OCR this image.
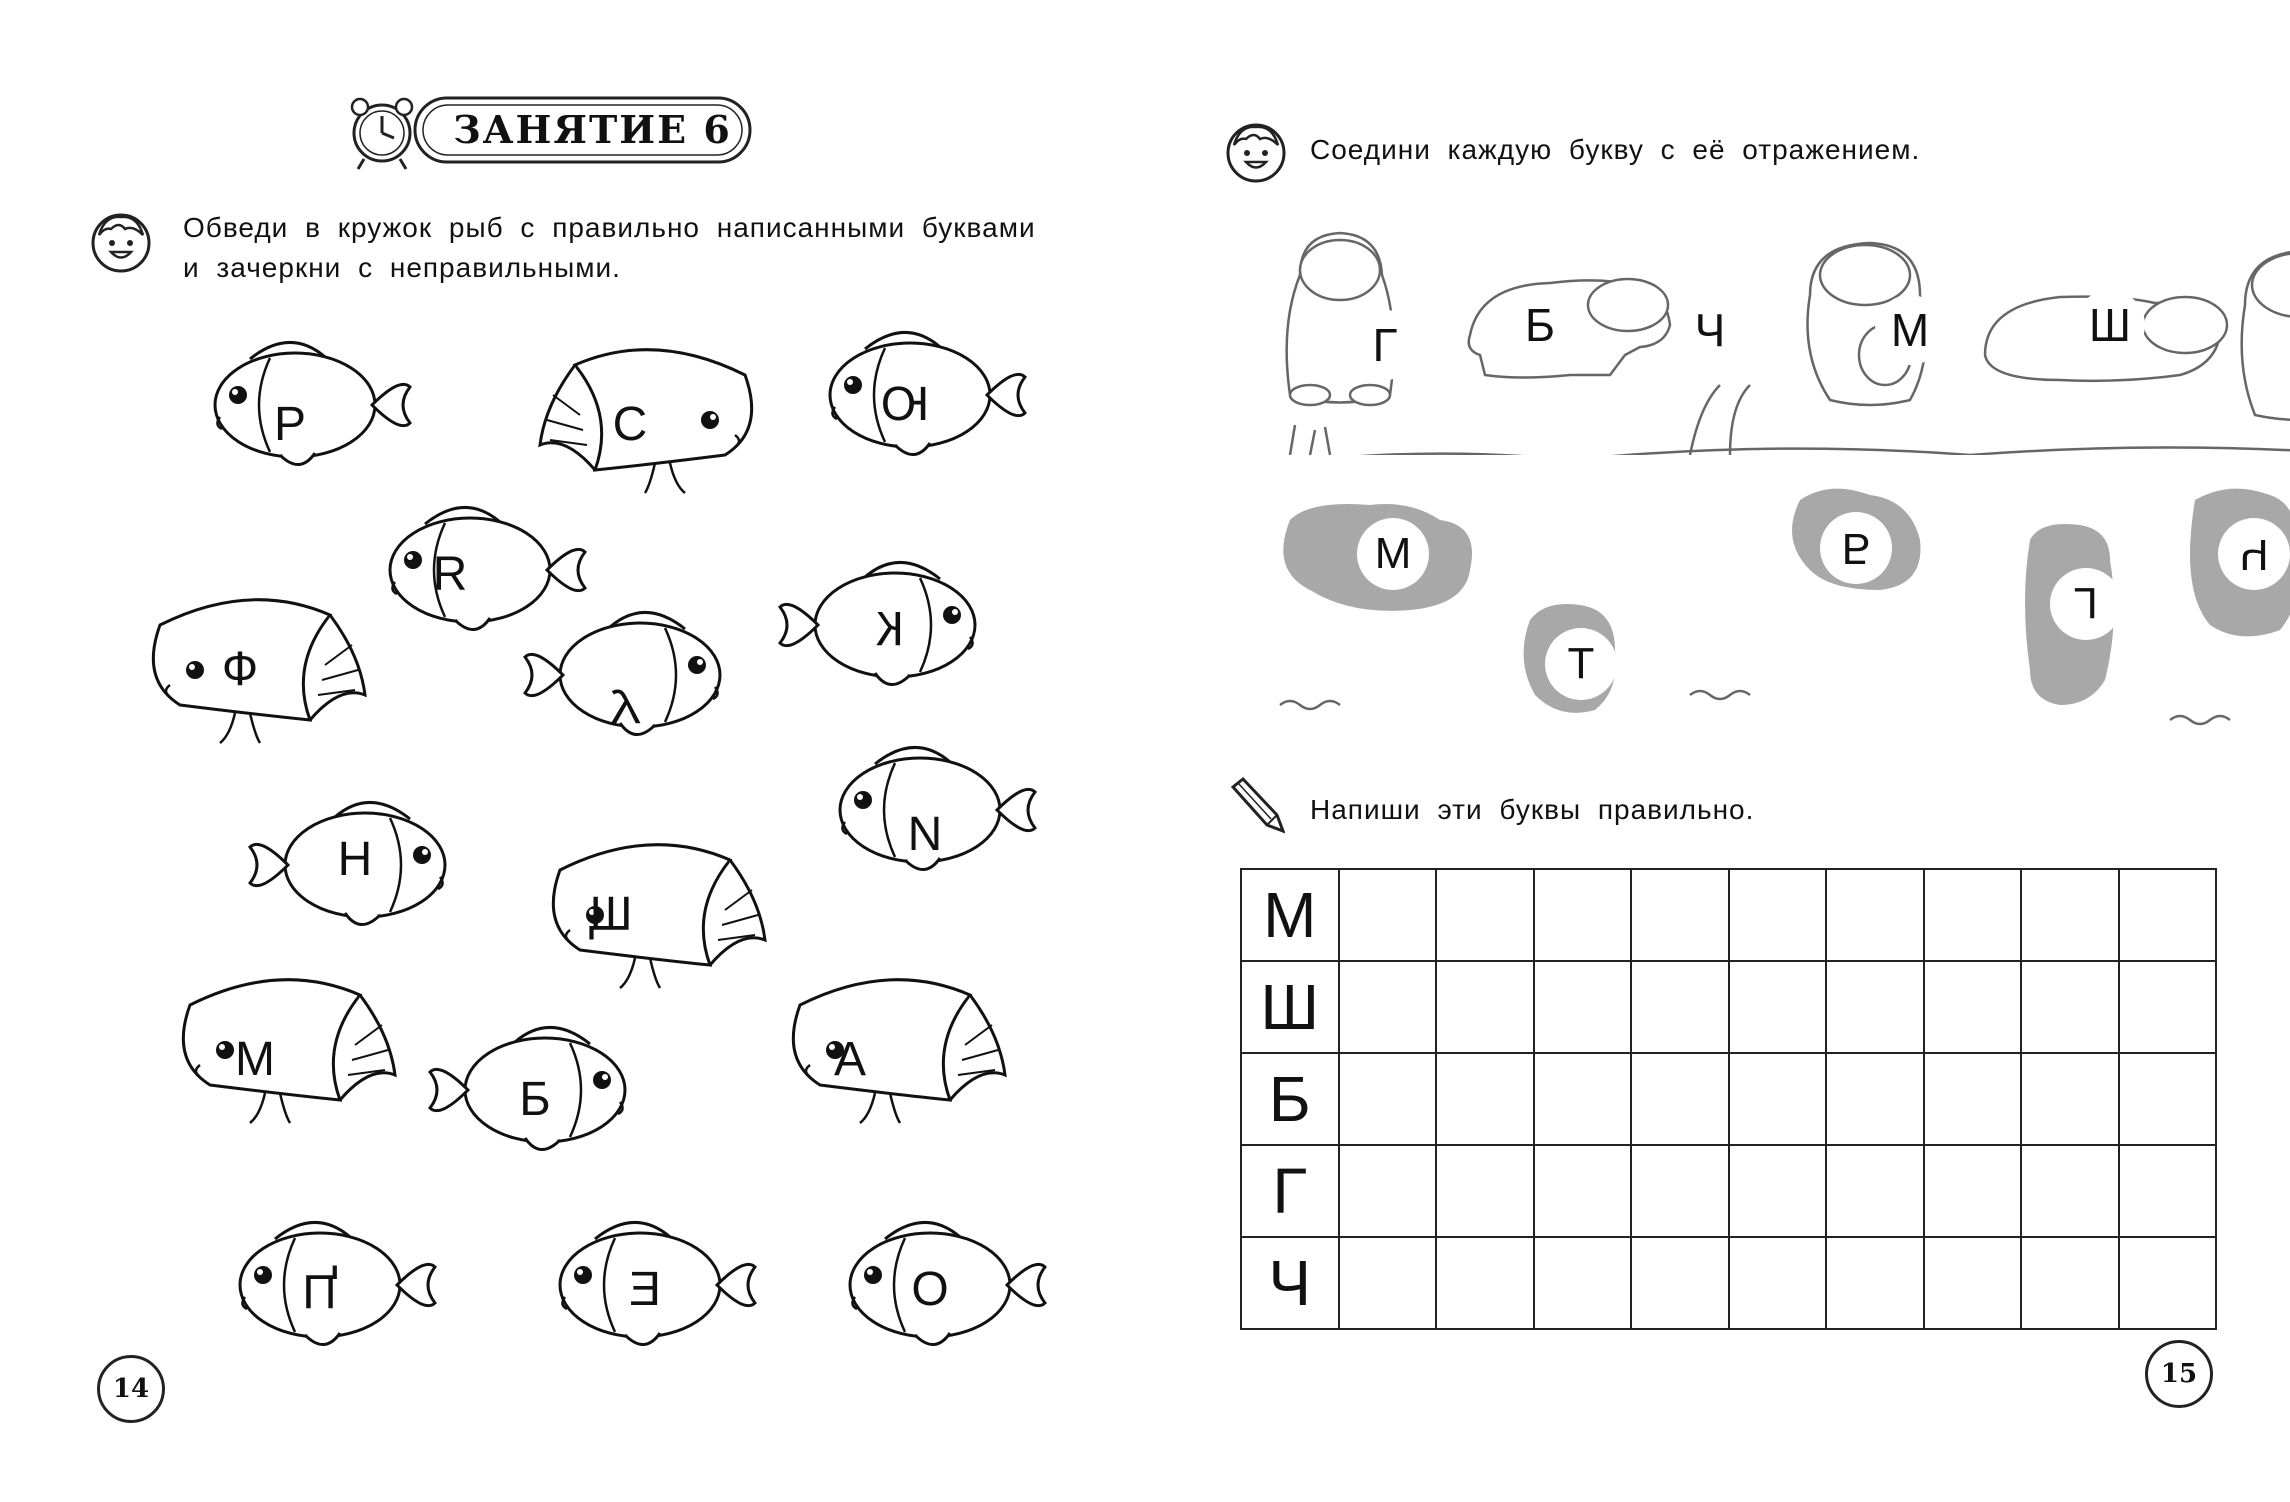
ЗАНЯТИЕ 6
Обведи в кружок рыб с правильно написанными буквами
и зачеркни с неправильными.
Р	С	Ю
R
К
Ф
У
Н	N
Щ
М
Б
А
Ц	Е	О
14
Соедини каждую букву с её отражением.
Г	Б	Ч	М	Ш
М	Б
Т
Г
Ч
Напиши эти буквы правильно.
15
М									
Ш									
Б									
Г									
Ч									
